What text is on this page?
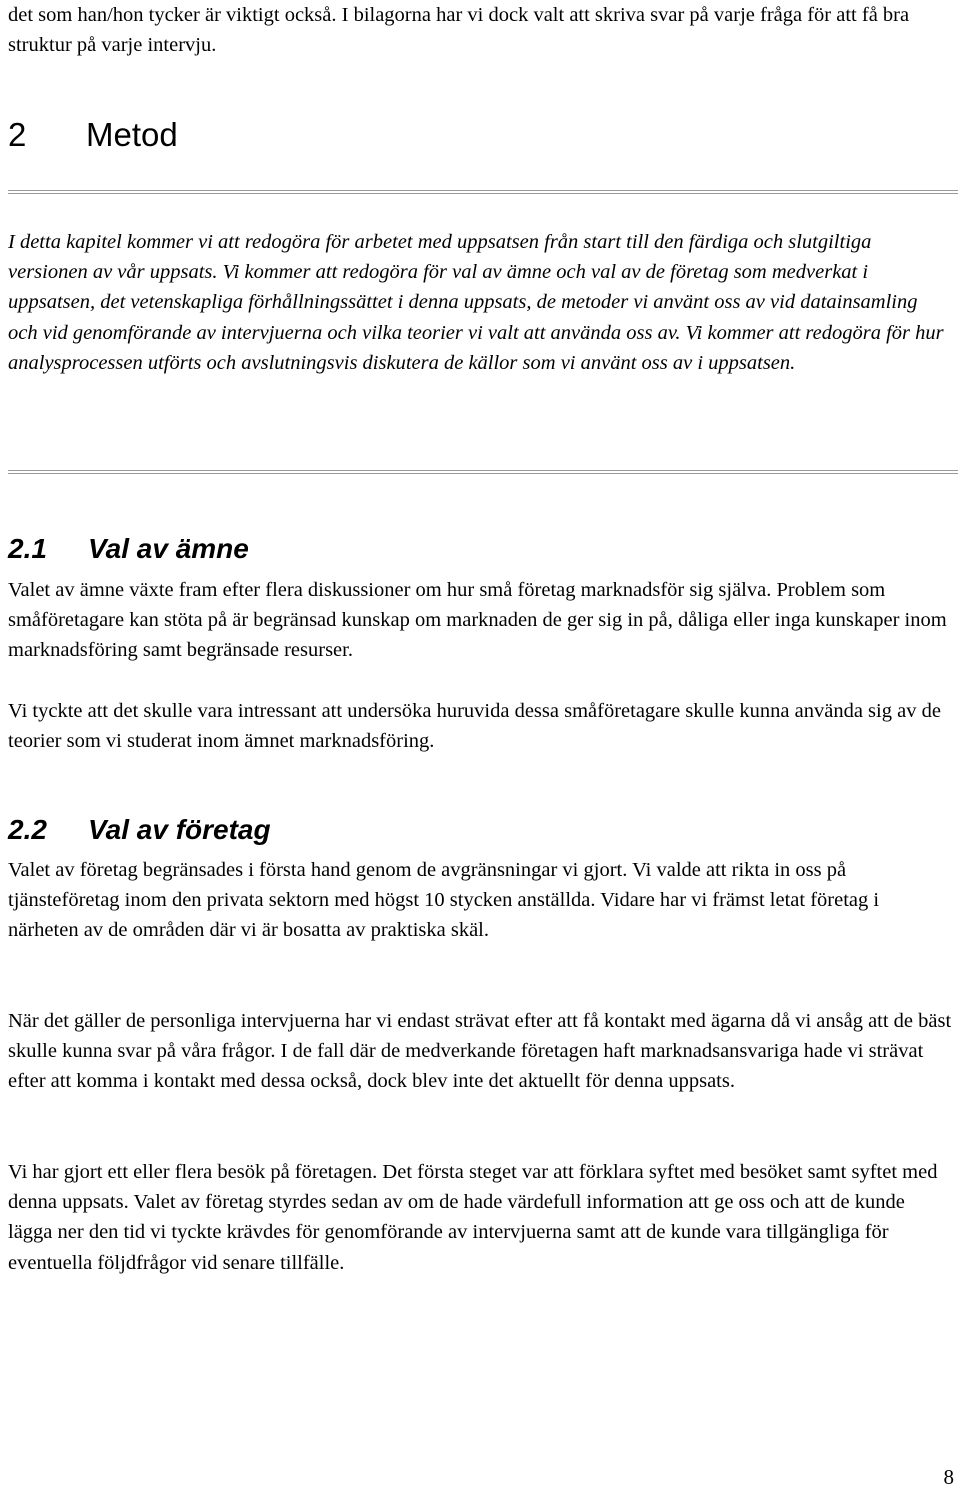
det som han/hon tycker är viktigt också. I bilagorna har vi dock valt att skriva svar på varje fråga för att få bra struktur på varje intervju.

2 Metod

I detta kapitel kommer vi att redogöra för arbetet med uppsatsen från start till den färdiga och slutgiltiga versionen av vår uppsats. Vi kommer att redogöra för val av ämne och val av de företag som medverkat i uppsatsen, det vetenskapliga förhållningssättet i denna uppsats, de metoder vi använt oss av vid datainsamling och vid genomförande av intervjuerna och vilka teorier vi valt att använda oss av. Vi kommer att redogöra för hur analysprocessen utförts och avslutningsvis diskutera de källor som vi använt oss av i uppsatsen.

2.1 Val av ämne

Valet av ämne växte fram efter flera diskussioner om hur små företag marknadsför sig själva. Problem som småföretagare kan stöta på är begränsad kunskap om marknaden de ger sig in på, dåliga eller inga kunskaper inom marknadsföring samt begränsade resurser.

Vi tyckte att det skulle vara intressant att undersöka huruvida dessa småföretagare skulle kunna använda sig av de teorier som vi studerat inom ämnet marknadsföring.

2.2 Val av företag

Valet av företag begränsades i första hand genom de avgränsningar vi gjort. Vi valde att rikta in oss på tjänsteföretag inom den privata sektorn med högst 10 stycken anställda. Vidare har vi främst letat företag i närheten av de områden där vi är bosatta av praktiska skäl.

När det gäller de personliga intervjuerna har vi endast strävat efter att få kontakt med ägarna då vi ansåg att de bäst skulle kunna svar på våra frågor. I de fall där de medverkande företagen haft marknadsansvariga hade vi strävat efter att komma i kontakt med dessa också, dock blev inte det aktuellt för denna uppsats.

Vi har gjort ett eller flera besök på företagen. Det första steget var att förklara syftet med besöket samt syftet med denna uppsats. Valet av företag styrdes sedan av om de hade värdefull information att ge oss och att de kunde lägga ner den tid vi tyckte krävdes för genomförande av intervjuerna samt att de kunde vara tillgängliga för eventuella följdfrågor vid senare tillfälle.

8
